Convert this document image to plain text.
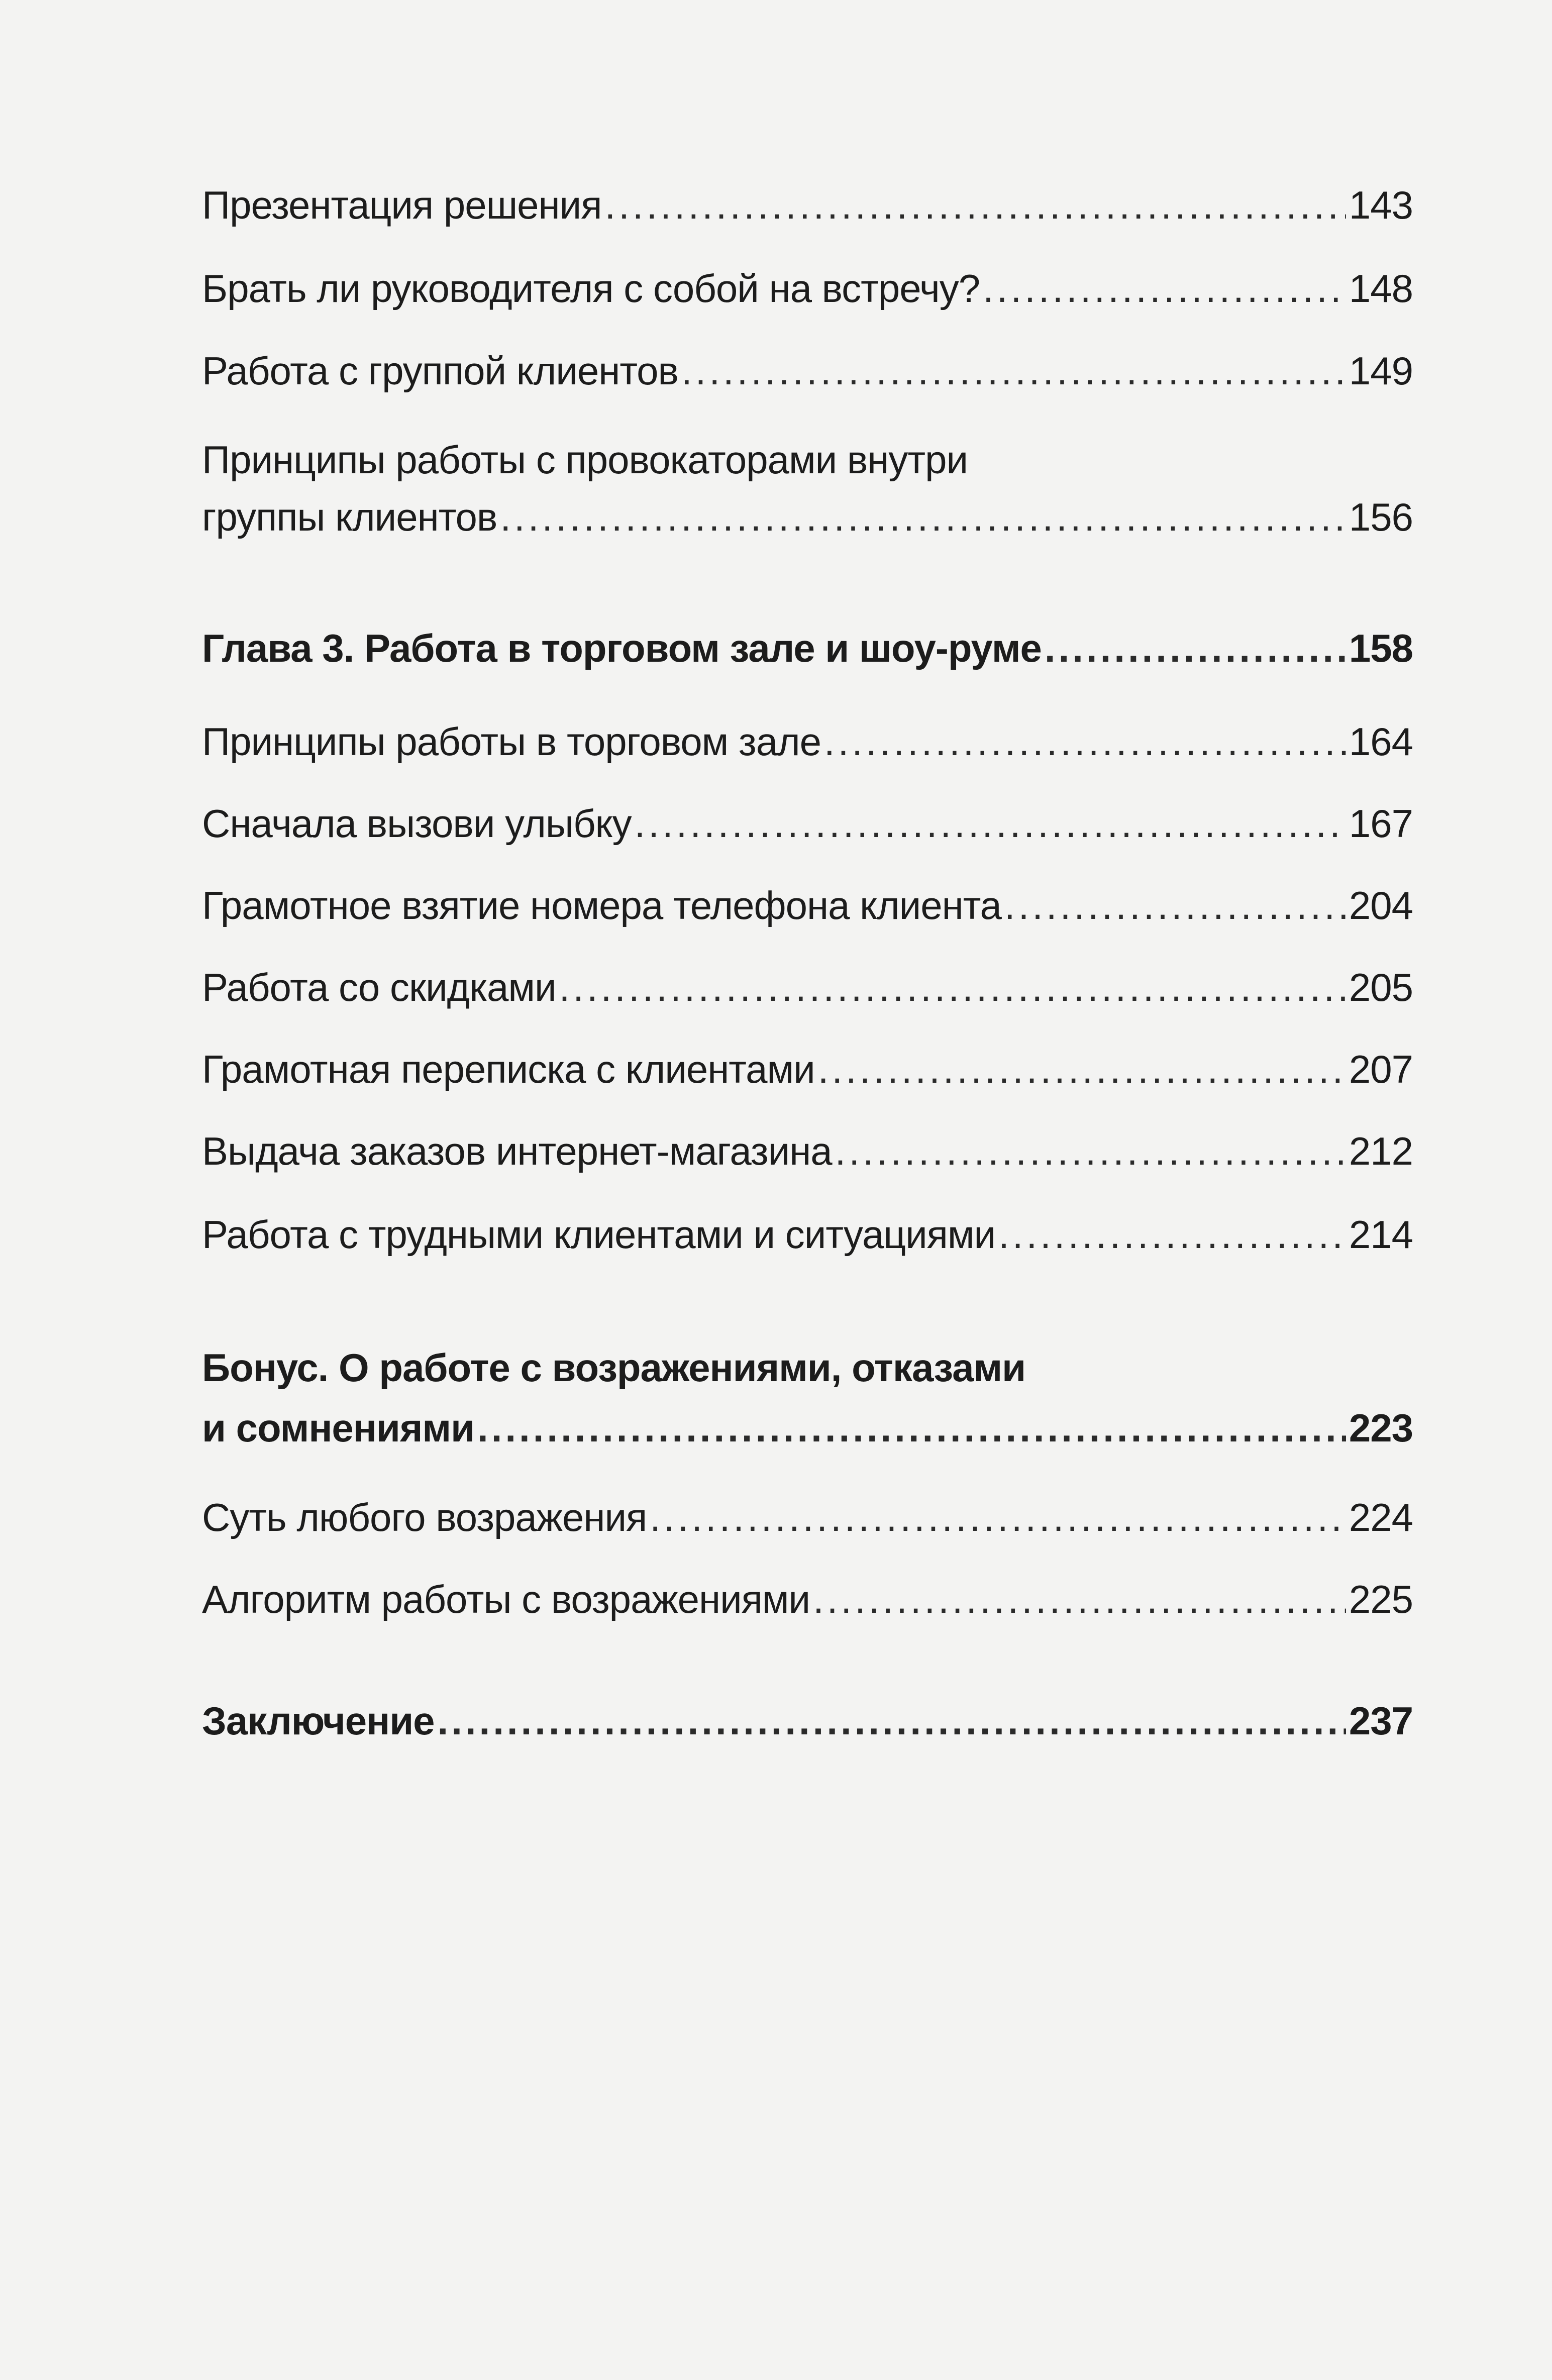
Презентация решения .....	143
Брать ли руководителя с собой на встречу? .....	148
Работа с группой клиентов .....	149
Принципы работы с провокаторами внутри
группы клиентов .....	156
Глава 3. Работа в торговом зале и шоу-руме .....	158
Принципы работы в торговом зале .....	164
Сначала вызови улыбку .....	167
Грамотное взятие номера телефона клиента .....	204
Работа со скидками .....	205
Грамотная переписка с клиентами .....	207
Выдача заказов интернет-магазина .....	212
Работа с трудными клиентами и ситуациями .....	214
Бонус. О работе с возражениями, отказами
и сомнениями .....	223
Суть любого возражения .....	224
Алгоритм работы с возражениями .....	225
Заключение .....	237
